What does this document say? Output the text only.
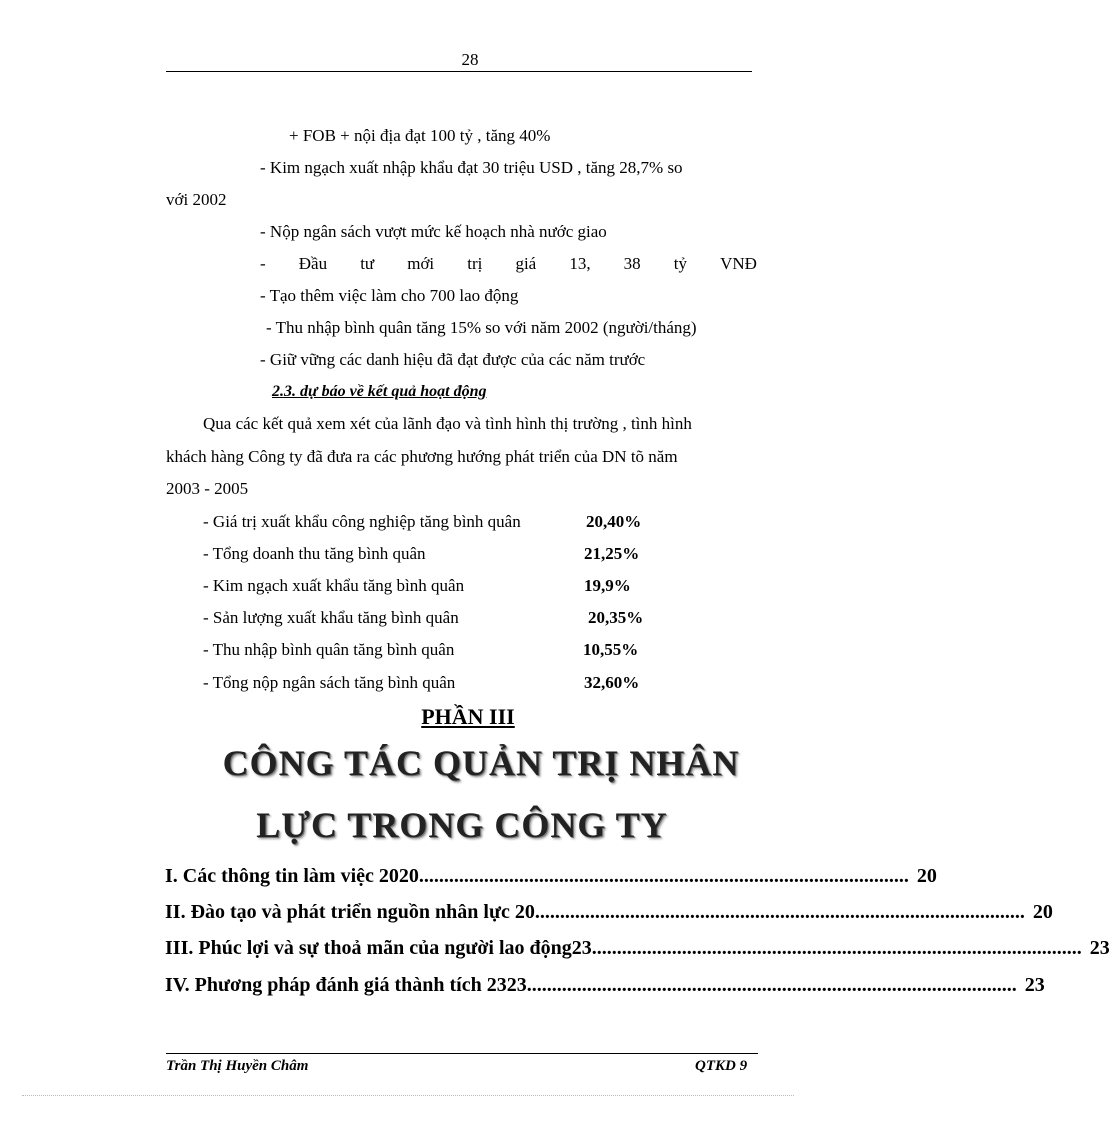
28
+ FOB + nội địa đạt 100 tỷ , tăng 40%
- Kim ngạch xuất nhập khẩu đạt 30 triệu USD , tăng 28,7% so
với 2002
- Nộp ngân sách vượt mức kế hoạch nhà nước giao
- Đầu tư mới trị giá 13, 38 tỷ VNĐ
- Tạo thêm việc làm cho 700 lao động
- Thu nhập bình quân tăng 15% so với năm 2002 (người/tháng)
- Giữ vững các danh hiệu đã đạt được của các năm trước
2.3. dự báo về kết quả hoạt động
Qua các kết quả xem xét của lãnh đạo và tình hình thị trường , tình hình
khách hàng Công ty đã đưa ra các phương hướng phát triển của DN tõ năm
2003 - 2005
- Giá trị xuất khẩu công nghiệp tăng bình quân	20,40%
- Tổng doanh thu tăng bình quân	21,25%
- Kim ngạch xuất khẩu tăng bình quân	19,9%
- Sản lượng xuất khẩu tăng bình quân	20,35%
- Thu nhập bình quân tăng bình quân	10,55%
- Tổng nộp ngân sách tăng bình quân	32,60%
PHẦN III
CÔNG TÁC QUẢN TRỊ NHÂN
LỰC TRONG CÔNG TY
I. Các thông tin làm việc 2020 .................................................................................................. 20
II. Đào tạo và phát triển nguồn nhân lực 20 .................................................................................................. 20
III. Phúc lợi và sự thoả mãn của người lao động23 .................................................................................................. 23
IV. Phương pháp đánh giá thành tích 2323 .................................................................................................. 23
Trần Thị Huyền Châm	QTKD 9
